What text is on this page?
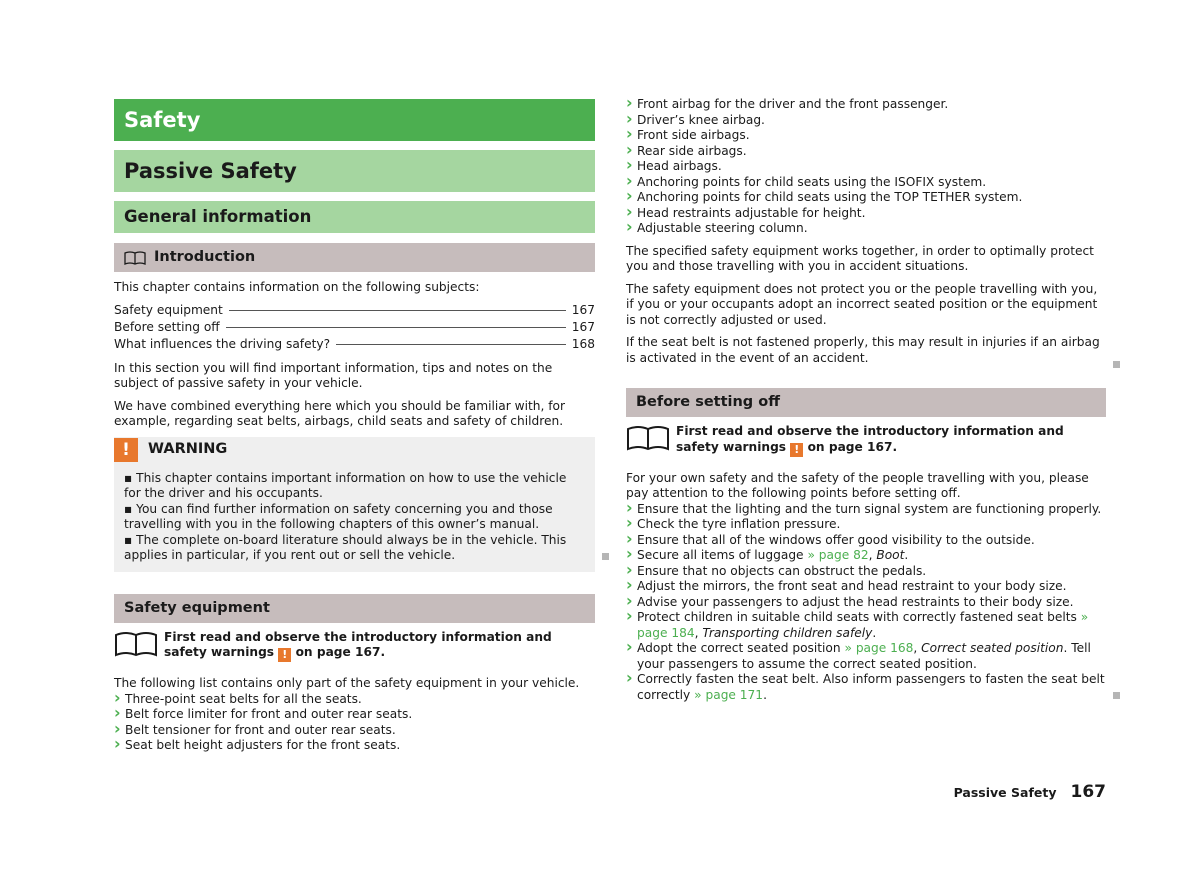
Safety
Passive Safety
General information
Introduction

This chapter contains information on the following subjects:

Safety equipment	167
Before setting off	167
What influences the driving safety?	168

In this section you will find important information, tips and notes on the subject of passive safety in your vehicle.

We have combined everything here which you should be familiar with, for example, regarding seat belts, airbags, child seats and safety of children.

!	WARNING
▪ This chapter contains important information on how to use the vehicle for the driver and his occupants.
▪ You can find further information on safety concerning you and those travelling with you in the following chapters of this owner’s manual.
▪ The complete on-board literature should always be in the vehicle. This applies in particular, if you rent out or sell the vehicle.
Safety equipment
First read and observe the introductory information and safety warnings ! on page 167.
The following list contains only part of the safety equipment in your vehicle.
› Three-point seat belts for all the seats.
› Belt force limiter for front and outer rear seats.
› Belt tensioner for front and outer rear seats.
› Seat belt height adjusters for the front seats.
› Front airbag for the driver and the front passenger.
› Driver’s knee airbag.
› Front side airbags.
› Rear side airbags.
› Head airbags.
› Anchoring points for child seats using the ISOFIX system.
› Anchoring points for child seats using the TOP TETHER system.
› Head restraints adjustable for height.
› Adjustable steering column.

The specified safety equipment works together, in order to optimally protect you and those travelling with you in accident situations.

The safety equipment does not protect you or the people travelling with you, if you or your occupants adopt an incorrect seated position or the equipment is not correctly adjusted or used.

If the seat belt is not fastened properly, this may result in injuries if an airbag is activated in the event of an accident.

Before setting off
First read and observe the introductory information and safety warnings ! on page 167.
For your own safety and the safety of the people travelling with you, please pay attention to the following points before setting off.
› Ensure that the lighting and the turn signal system are functioning properly.
› Check the tyre inflation pressure.
› Ensure that all of the windows offer good visibility to the outside.
› Secure all items of luggage » page 82, Boot.
› Ensure that no objects can obstruct the pedals.
› Adjust the mirrors, the front seat and head restraint to your body size.
› Advise your passengers to adjust the head restraints to their body size.
› Protect children in suitable child seats with correctly fastened seat belts » page 184, Transporting children safely.
› Adopt the correct seated position » page 168, Correct seated position. Tell your passengers to assume the correct seated position.
› Correctly fasten the seat belt. Also inform passengers to fasten the seat belt correctly » page 171.
Passive Safety 167
